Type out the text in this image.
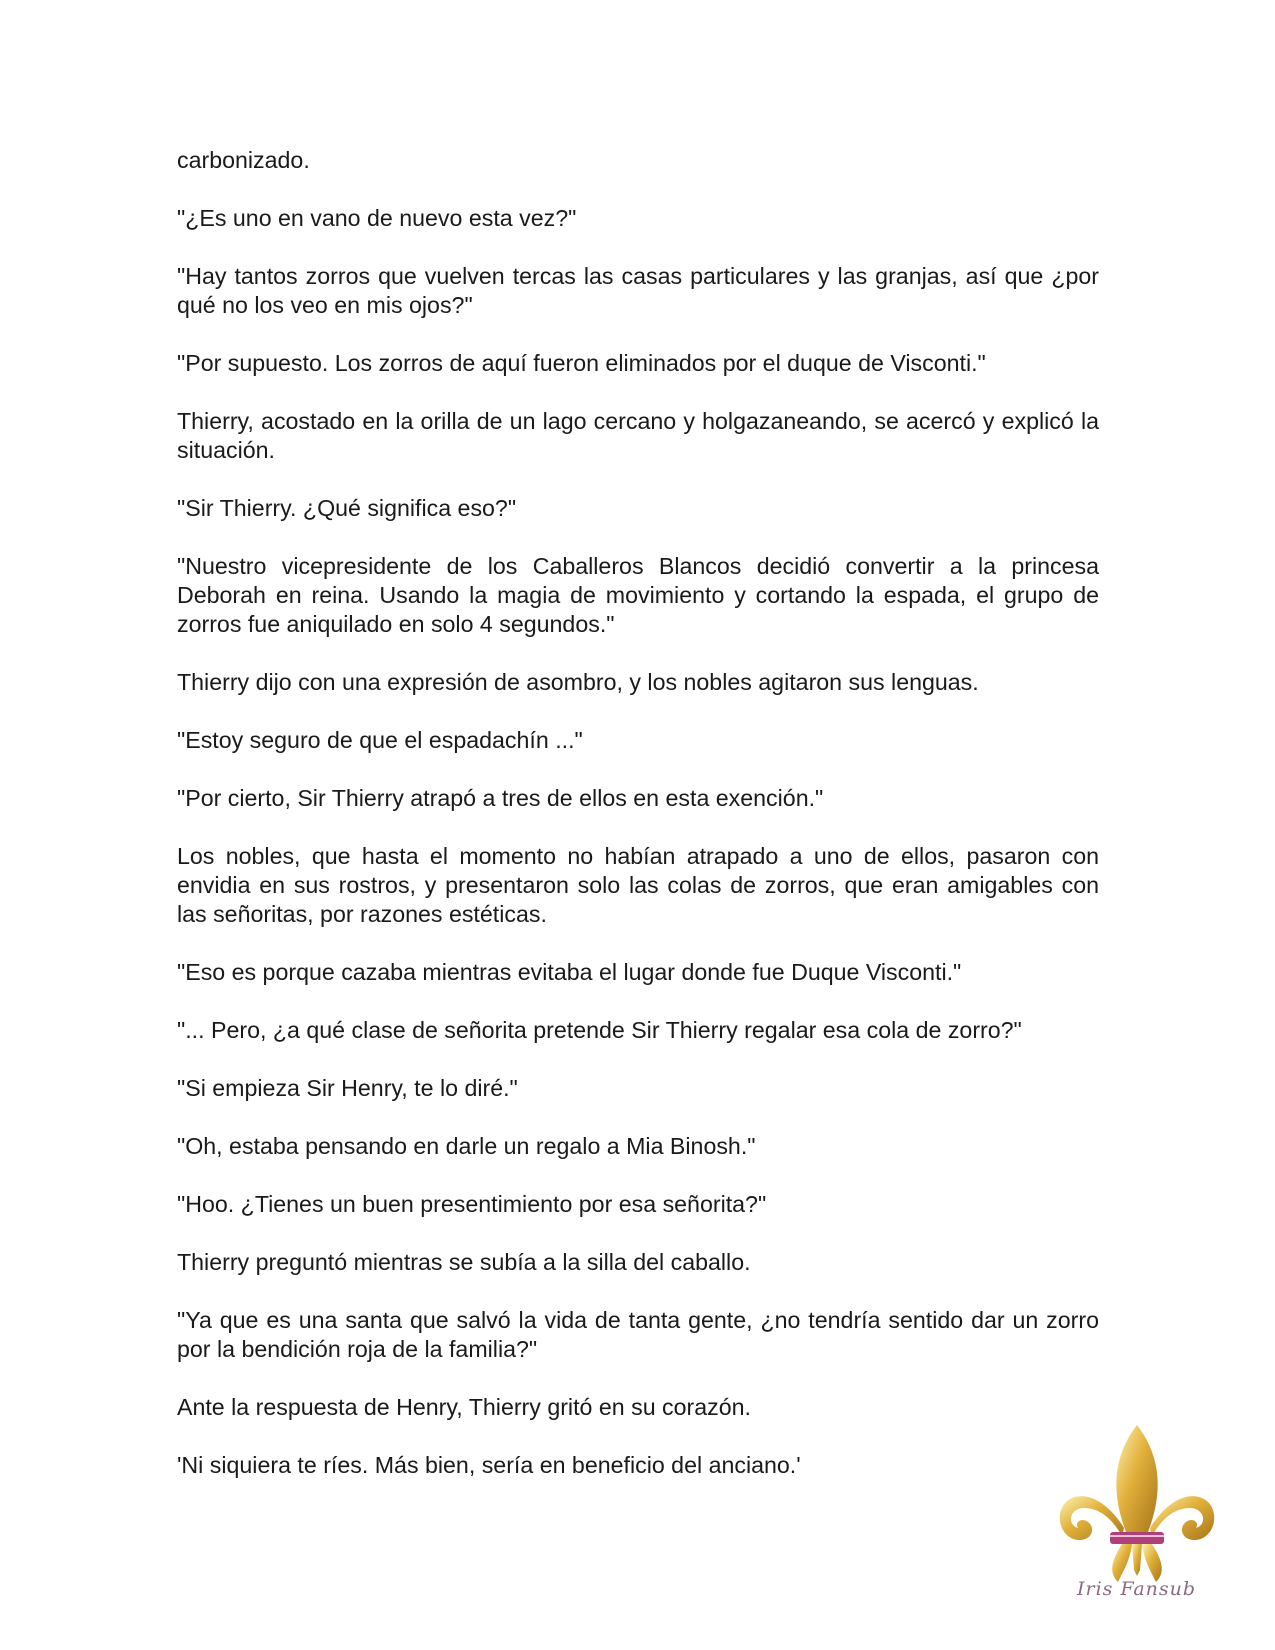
carbonizado.

"¿Es uno en vano de nuevo esta vez?"

"Hay tantos zorros que vuelven tercas las casas particulares y las granjas, así que ¿por qué no los veo en mis ojos?"

"Por supuesto. Los zorros de aquí fueron eliminados por el duque de Visconti."

Thierry, acostado en la orilla de un lago cercano y holgazaneando, se acercó y explicó la situación.

"Sir Thierry. ¿Qué significa eso?"

"Nuestro vicepresidente de los Caballeros Blancos decidió convertir a la princesa Deborah en reina. Usando la magia de movimiento y cortando la espada, el grupo de zorros fue aniquilado en solo 4 segundos."

Thierry dijo con una expresión de asombro, y los nobles agitaron sus lenguas.

"Estoy seguro de que el espadachín ..."

"Por cierto, Sir Thierry atrapó a tres de ellos en esta exención."

Los nobles, que hasta el momento no habían atrapado a uno de ellos, pasaron con envidia en sus rostros, y presentaron solo las colas de zorros, que eran amigables con las señoritas, por razones estéticas.

"Eso es porque cazaba mientras evitaba el lugar donde fue Duque Visconti."

"... Pero, ¿a qué clase de señorita pretende Sir Thierry regalar esa cola de zorro?"

"Si empieza Sir Henry, te lo diré."

"Oh, estaba pensando en darle un regalo a Mia Binosh."

"Hoo. ¿Tienes un buen presentimiento por esa señorita?"

Thierry preguntó mientras se subía a la silla del caballo.

"Ya que es una santa que salvó la vida de tanta gente, ¿no tendría sentido dar un zorro por la bendición roja de la familia?"

Ante la respuesta de Henry, Thierry gritó en su corazón.

'Ni siquiera te ríes. Más bien, sería en beneficio del anciano.'

Iris Fansub
